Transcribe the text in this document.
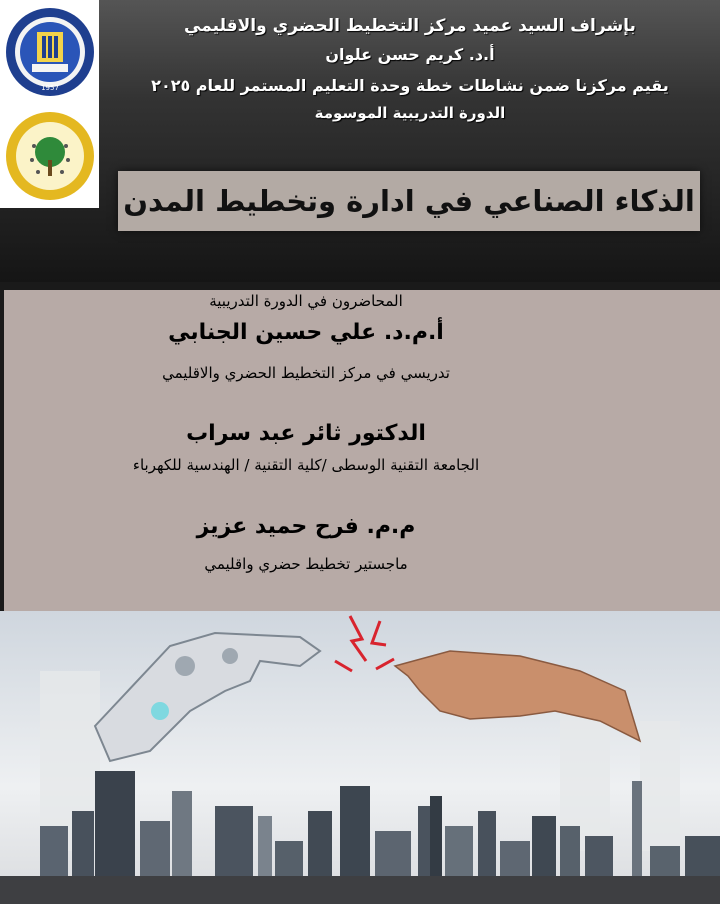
1957
بإشراف السيد عميد مركز التخطيط الحضري والاقليمي
أ.د. كريم حسن علوان
يقيم مركزنا ضمن نشاطات خطة وحدة التعليم المستمر للعام ٢٠٢٥
الدورة التدريبية الموسومة
الذكاء الصناعي في ادارة وتخطيط المدن
المحاضرون في الدورة التدريبية
أ.م.د. علي حسين الجنابي
تدريسي في مركز التخطيط الحضري والاقليمي
الدكتور ثائر عبد سراب
الجامعة التقنية الوسطى /كلية التقنية / الهندسية للكهرباء
م.م. فرح حميد عزيز
ماجستير تخطيط حضري واقليمي
